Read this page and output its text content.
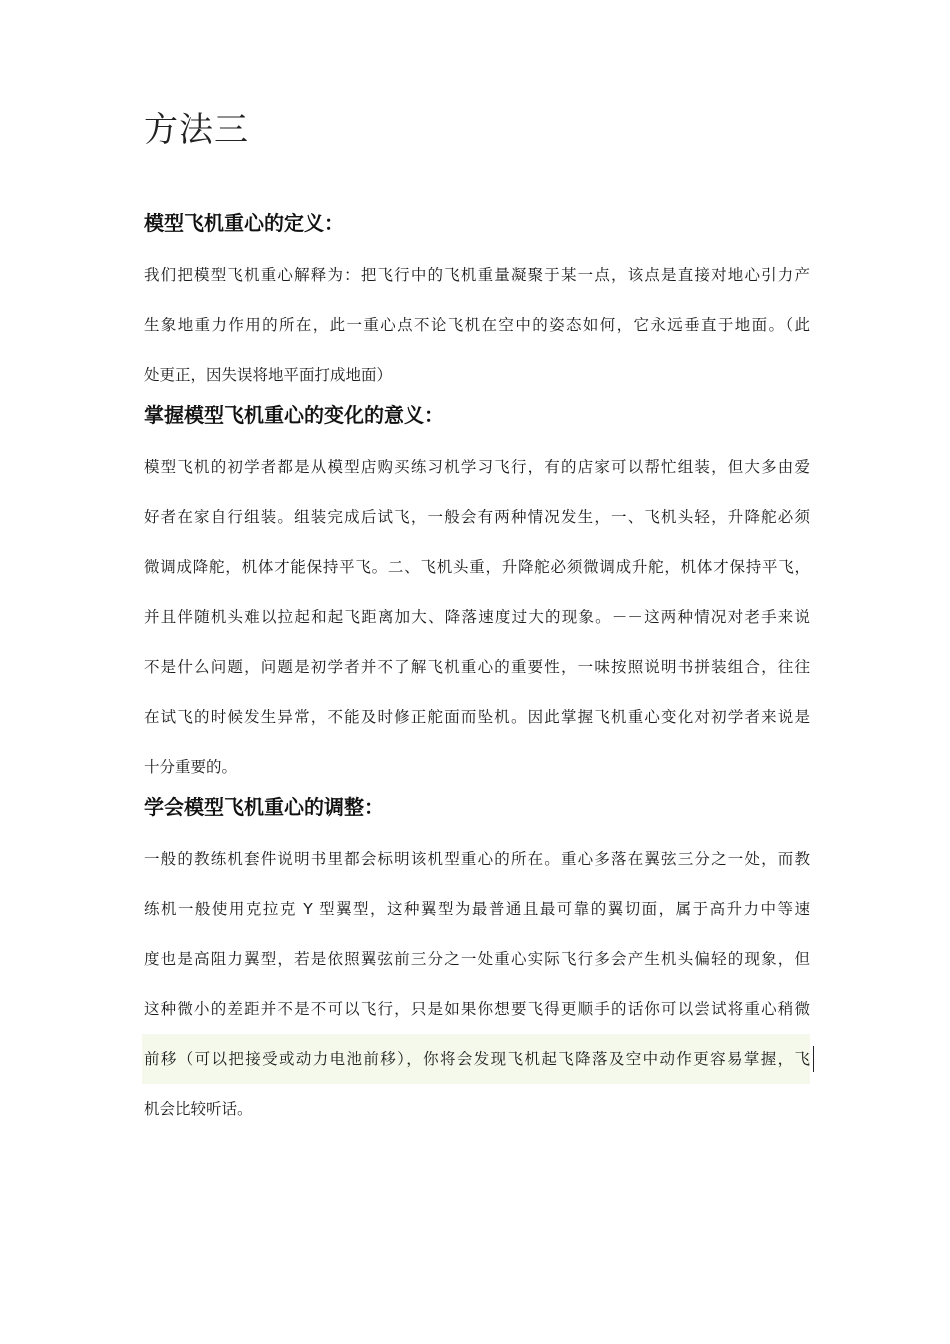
方法三
模型飞机重心的定义：
我们把模型飞机重心解释为：把飞行中的飞机重量凝聚于某一点，该点是直接对地心引力产
生象地重力作用的所在，此一重心点不论飞机在空中的姿态如何，它永远垂直于地面。（此
处更正，因失误将地平面打成地面）
掌握模型飞机重心的变化的意义：
模型飞机的初学者都是从模型店购买练习机学习飞行，有的店家可以帮忙组装，但大多由爱
好者在家自行组装。组装完成后试飞，一般会有两种情况发生，一、飞机头轻，升降舵必须
微调成降舵，机体才能保持平飞。二、飞机头重，升降舵必须微调成升舵，机体才保持平飞，
并且伴随机头难以拉起和起飞距离加大、降落速度过大的现象。－－这两种情况对老手来说
不是什么问题，问题是初学者并不了解飞机重心的重要性，一味按照说明书拼装组合，往往
在试飞的时候发生异常，不能及时修正舵面而坠机。因此掌握飞机重心变化对初学者来说是
十分重要的。
学会模型飞机重心的调整：
一般的教练机套件说明书里都会标明该机型重心的所在。重心多落在翼弦三分之一处，而教
练机一般使用克拉克 Y 型翼型，这种翼型为最普通且最可靠的翼切面，属于高升力中等速
度也是高阻力翼型，若是依照翼弦前三分之一处重心实际飞行多会产生机头偏轻的现象，但
这种微小的差距并不是不可以飞行，只是如果你想要飞得更顺手的话你可以尝试将重心稍微
前移（可以把接受或动力电池前移），你将会发现飞机起飞降落及空中动作更容易掌握，飞
机会比较听话。
